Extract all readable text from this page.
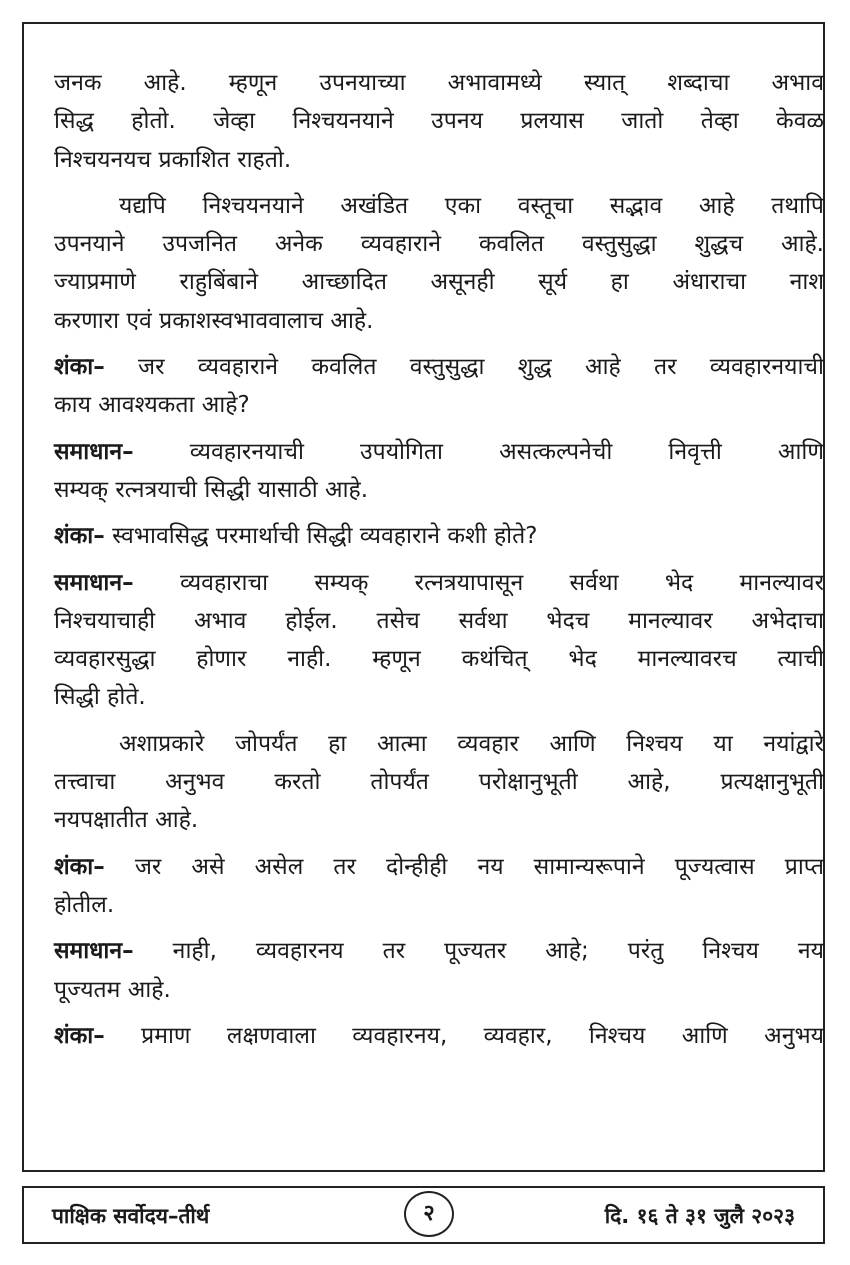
जनक आहे. म्हणून उपनयाच्या अभावामध्ये स्यात् शब्दाचा अभाव
सिद्ध होतो. जेव्हा निश्चयनयाने उपनय प्रलयास जातो तेव्हा केवळ
निश्चयनयच प्रकाशित राहतो.
यद्यपि निश्चयनयाने अखंडित एका वस्तूचा सद्भाव आहे तथापि
उपनयाने उपजनित अनेक व्यवहाराने कवलित वस्तुसुद्धा शुद्धच आहे.
ज्याप्रमाणे राहुबिंबाने आच्छादित असूनही सूर्य हा अंधाराचा नाश
करणारा एवं प्रकाशस्वभाववालाच आहे.
शंका– जर व्यवहाराने कवलित वस्तुसुद्धा शुद्ध आहे तर व्यवहारनयाची
काय आवश्यकता आहे?
समाधान– व्यवहारनयाची उपयोगिता असत्कल्पनेची निवृत्ती आणि
सम्यक् रत्नत्रयाची सिद्धी यासाठी आहे.
शंका– स्वभावसिद्ध परमार्थाची सिद्धी व्यवहाराने कशी होते?
समाधान– व्यवहाराचा सम्यक् रत्नत्रयापासून सर्वथा भेद मानल्यावर
निश्चयाचाही अभाव होईल. तसेच सर्वथा भेदच मानल्यावर अभेदाचा
व्यवहारसुद्धा होणार नाही. म्हणून कथंचित् भेद मानल्यावरच त्याची
सिद्धी होते.
अशाप्रकारे जोपर्यंत हा आत्मा व्यवहार आणि निश्चय या नयांद्वारे
तत्त्वाचा अनुभव करतो तोपर्यंत परोक्षानुभूती आहे, प्रत्यक्षानुभूती
नयपक्षातीत आहे.
शंका– जर असे असेल तर दोन्हीही नय सामान्यरूपाने पूज्यत्वास प्राप्त
होतील.
समाधान– नाही, व्यवहारनय तर पूज्यतर आहे; परंतु निश्चय नय
पूज्यतम आहे.
शंका– प्रमाण लक्षणवाला व्यवहारनय, व्यवहार, निश्चय आणि अनुभय
पाक्षिक सर्वोदय–तीर्थ	२	दि. १६ ते ३१ जुलै २०२३
